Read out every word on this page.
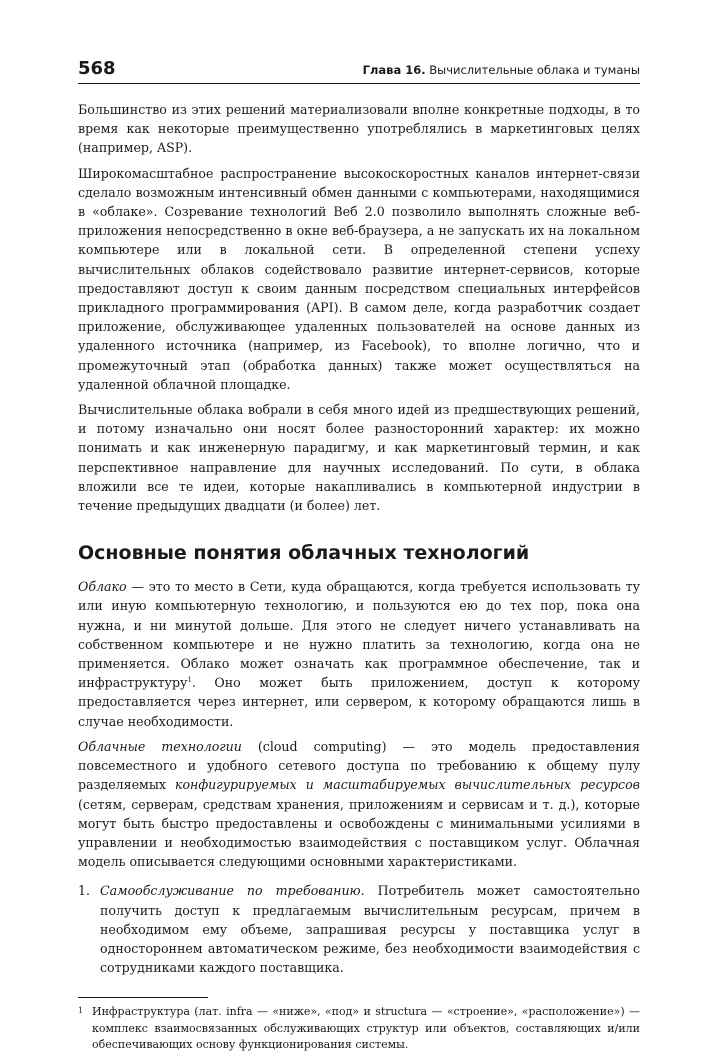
568	Глава 16. Вычислительные облака и туманы

Большинство из этих решений материализовали вполне конкретные подходы, в то время как некоторые преимущественно употреблялись в маркетинговых целях (например, ASP).

Широкомасштабное распространение высокоскоростных каналов интернет-связи сделало возможным интенсивный обмен данными с компьютерами, находящимися в «облаке». Созревание технологий Веб 2.0 позволило выполнять сложные веб-приложения непосредственно в окне веб-браузера, а не запускать их на локальном компьютере или в локальной сети. В определенной степени успеху вычислительных облаков содействовало развитие интернет-сервисов, которые предоставляют доступ к своим данным посредством специальных интерфейсов прикладного программирования (API). В самом деле, когда разработчик создает приложение, обслуживающее удаленных пользователей на основе данных из удаленного источника (например, из Facebook), то вполне логично, что и промежуточный этап (обработка данных) также может осуществляться на удаленной облачной площадке.

Вычислительные облака вобрали в себя много идей из предшествующих решений, и потому изначально они носят более разносторонний характер: их можно понимать и как инженерную парадигму, и как маркетинговый термин, и как перспективное направление для научных исследований. По сути, в облака вложили все те идеи, которые накапливались в компьютерной индустрии в течение предыдущих двадцати (и более) лет.

Основные понятия облачных технологий

Облако — это то место в Сети, куда обращаются, когда требуется использовать ту или иную компьютерную технологию, и пользуются ею до тех пор, пока она нужна, и ни минутой дольше. Для этого не следует ничего устанавливать на собственном компьютере и не нужно платить за технологию, когда она не применяется. Облако может означать как программное обеспечение, так и инфраструктуру$^1$. Оно может быть приложением, доступ к которому предоставляется через интернет, или сервером, к которому обращаются лишь в случае необходимости.

Облачные технологии (cloud computing) — это модель предоставления повсеместного и удобного сетевого доступа по требованию к общему пулу разделяемых конфигурируемых и масштабируемых вычислительных ресурсов (сетям, серверам, средствам хранения, приложениям и сервисам и т. д.), которые могут быть быстро предоставлены и освобождены с минимальными усилиями в управлении и необходимостью взаимодействия с поставщиком услуг. Облачная модель описывается следующими основными характеристиками.

1. Самообслуживание по требованию. Потребитель может самостоятельно получить доступ к предлагаемым вычислительным ресурсам, причем в необходимом ему объеме, запрашивая ресурсы у поставщика услуг в одностороннем автоматическом режиме, без необходимости взаимодействия с сотрудниками каждого поставщика.
1 Инфраструктура (лат. infra — «ниже», «под» и structura — «строение», «расположение») — комплекс взаимосвязанных обслуживающих структур или объектов, составляющих и/или обеспечивающих основу функционирования системы.
